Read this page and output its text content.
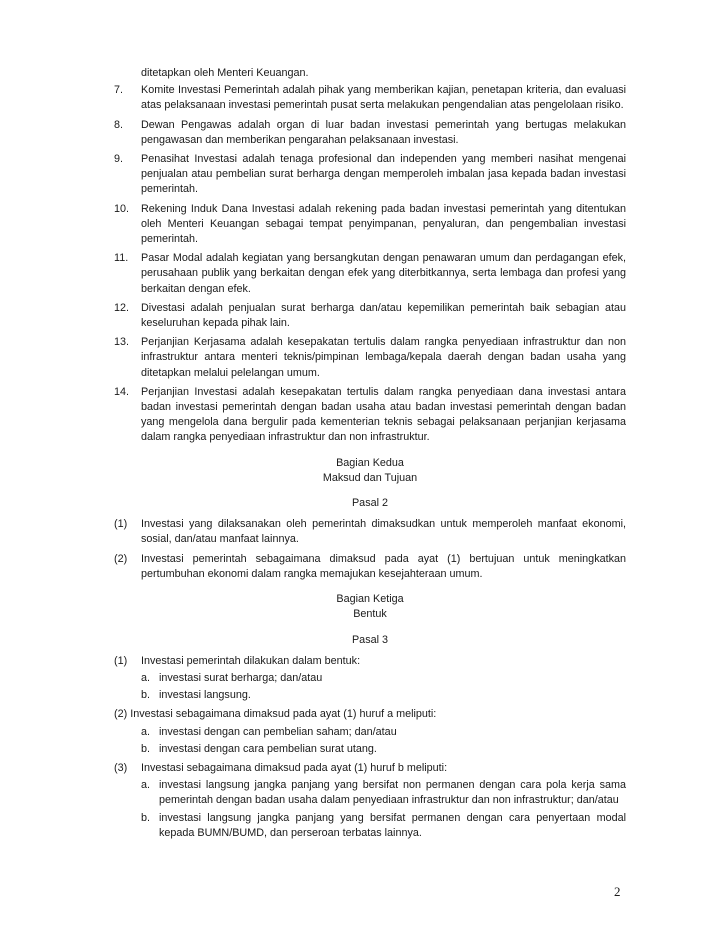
ditetapkan oleh Menteri Keuangan.

7. Komite Investasi Pemerintah adalah pihak yang memberikan kajian, penetapan kriteria, dan evaluasi atas pelaksanaan investasi pemerintah pusat serta melakukan pengendalian atas pengelolaan risiko.
8. Dewan Pengawas adalah organ di luar badan investasi pemerintah yang bertugas melakukan pengawasan dan memberikan pengarahan pelaksanaan investasi.
9. Penasihat Investasi adalah tenaga profesional dan independen yang memberi nasihat mengenai penjualan atau pembelian surat berharga dengan memperoleh imbalan jasa kepada badan investasi pemerintah.
10. Rekening Induk Dana Investasi adalah rekening pada badan investasi pemerintah yang ditentukan oleh Menteri Keuangan sebagai tempat penyimpanan, penyaluran, dan pengembalian investasi pemerintah.
11. Pasar Modal adalah kegiatan yang bersangkutan dengan penawaran umum dan perdagangan efek, perusahaan publik yang berkaitan dengan efek yang diterbitkannya, serta lembaga dan profesi yang berkaitan dengan efek.
12. Divestasi adalah penjualan surat berharga dan/atau kepemilikan pemerintah baik sebagian atau keseluruhan kepada pihak lain.
13. Perjanjian Kerjasama adalah kesepakatan tertulis dalam rangka penyediaan infrastruktur dan non infrastruktur antara menteri teknis/pimpinan lembaga/kepala daerah dengan badan usaha yang ditetapkan melalui pelelangan umum.
14. Perjanjian Investasi adalah kesepakatan tertulis dalam rangka penyediaan dana investasi antara badan investasi pemerintah dengan badan usaha atau badan investasi pemerintah dengan badan yang mengelola dana bergulir pada kementerian teknis sebagai pelaksanaan perjanjian kerjasama dalam rangka penyediaan infrastruktur dan non infrastruktur.

Bagian Kedua

Maksud dan Tujuan

Pasal 2

(1) Investasi yang dilaksanakan oleh pemerintah dimaksudkan untuk memperoleh manfaat ekonomi, sosial, dan/atau manfaat lainnya.
(2) Investasi pemerintah sebagaimana dimaksud pada ayat (1) bertujuan untuk meningkatkan pertumbuhan ekonomi dalam rangka memajukan kesejahteraan umum.

Bagian Ketiga

Bentuk

Pasal 3

(1) Investasi pemerintah dilakukan dalam bentuk:
a. investasi surat berharga; dan/atau
b. investasi langsung.

(2) Investasi sebagaimana dimaksud pada ayat (1) huruf a meliputi:

a. investasi dengan can pembelian saham; dan/atau
b. investasi dengan cara pembelian surat utang.
(3) Investasi sebagaimana dimaksud pada ayat (1) huruf b meliputi:
a. investasi langsung jangka panjang yang bersifat non permanen dengan cara pola kerja sama pemerintah dengan badan usaha dalam penyediaan infrastruktur dan non infrastruktur; dan/atau
b. investasi langsung jangka panjang yang bersifat permanen dengan cara penyertaan modal kepada BUMN/BUMD, dan perseroan terbatas lainnya.
2
